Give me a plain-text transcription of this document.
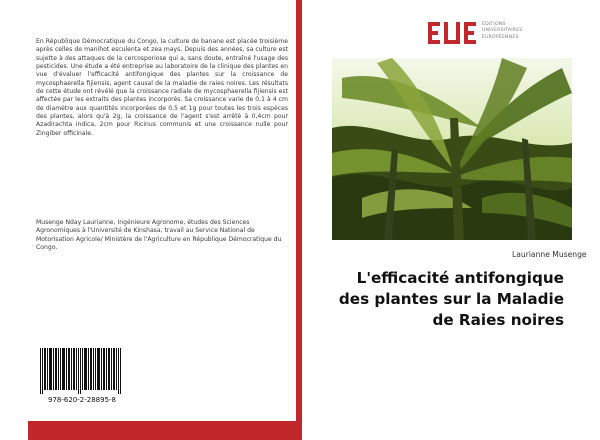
En République Démocratique du Congo, la culture de banane est placée troisième après celles de manihot esculenta et zea mays. Depuis des années, sa culture est sujette à des attaques de la cercosporiose qui a, sans doute, entraîné l'usage des pesticides. Une étude a été entreprise au laboratoire de la clinique des plantes en vue d'évaluer l'efficacité antifongique des plantes sur la croissance de mycosphaerella fijiensis, agent causal de la maladie de raies noires. Les résultats de cette étude ont révélé que la croissance radiale de mycosphaerella fijiensis est affectée par les extraits des plantes incorporés. Sa croissance varie de 0,1 à 4 cm de diamètre aux quantités incorporées de 0,5 et 1g pour toutes les trois espèces des plantes, alors qu'à 2g, la croissance de l'agent s'est arrêté à 0,4cm pour Azadirachta indica, 2cm pour Ricinus communis et une croissance nulle pour Zingiber officinale.

Musenge Nday Laurianne, Ingénieure Agronome, études des Sciences Agronomiques à l'Université de Kinshasa, travail au Service National de Motorisation Agricole/ Ministère de l'Agriculture en République Démocratique du Congo.

978-620-2-28895-8

ÉDITIONS
UNIVERSITAIRES
EUROPÉENNES

Laurianne Musenge
L'efficacité antifongique
des plantes sur la Maladie
de Raies noires
